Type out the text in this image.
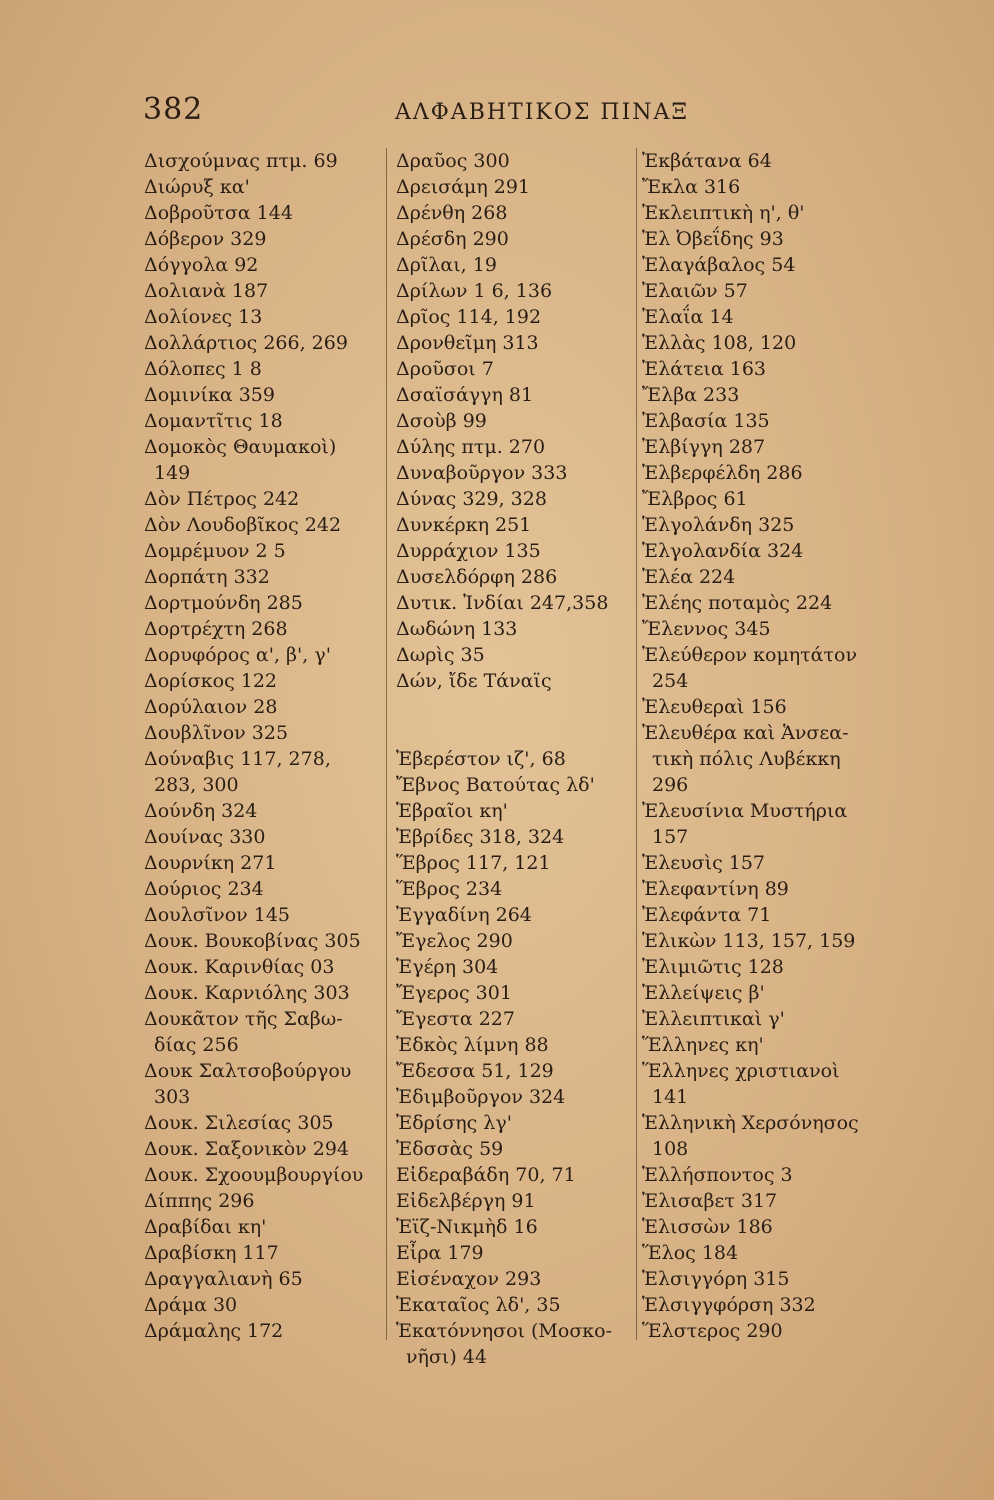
382	ΑΛΦΑΒΗΤΙΚΟΣ ΠΙΝΑΞ
Δισχούμνας πτμ. 69
Διώρυξ κα'
Δοβροῦτσα 144
Δόβερον 329
Δόγγολα 92
Δολιανὰ 187
Δολίονες 13
Δολλάρτιος 266, 269
Δόλοπες 1 8
Δομινίκα 359
Δομαντῖτις 18
Δομοκὸς Θαυμακοὶ)
149
Δὸν Πέτρος 242
Δὸν Λουδοβῖκος 242
Δομρέμυον 2 5
Δορπάτη 332
Δορτμούνδη 285
Δορτρέχτη 268
Δορυφόρος α', β', γ'
Δορίσκος 122
Δορύλαιον 28
Δουβλῖνον 325
Δούναβις 117, 278,
283, 300
Δούνδη 324
Δουίνας 330
Δουρνίκη 271
Δούριος 234
Δουλσῖνον 145
Δουκ. Βουκοβίνας 305
Δουκ. Καρινθίας 03
Δουκ. Καρνιόλης 303
Δουκᾶτον τῆς Σαβω-
δίας 256
Δουκ Σαλτσοβούργου
303
Δουκ. Σιλεσίας 305
Δουκ. Σαξονικὸν 294
Δουκ. Σχοουμβουργίου
Δίππης 296
Δραβίδαι κη'
Δραβίσκη 117
Δραγγαλιανὴ 65
Δράμα 30
Δράμαλης 172
Δραῦος 300
Δρεισάμη 291
Δρένθη 268
Δρέσδη 290
Δρῖλαι, 19
Δρίλων 1 6, 136
Δρῖος 114, 192
Δρονθεῖμη 313
Δροῦσοι 7
Δσαϊσάγγη 81
Δσοὺβ 99
Δύλης πτμ. 270
Δυναβοῦργον 333
Δύνας 329, 328
Δυνκέρκη 251
Δυρράχιον 135
Δυσελδόρφη 286
Δυτικ. Ἰνδίαι 247,358
Δωδώνη 133
Δωρὶς 35
Δών, ἴδε Τάναϊς
Ἐβερέστον ιζ', 68
Ἔβνος Βατούτας λδ'
Ἑβραῖοι κη'
Ἑβρίδες 318, 324
Ἕβρος 117, 121
Ἕβρος 234
Ἐγγαδίνη 264
Ἔγελος 290
Ἐγέρη 304
Ἔγερος 301
Ἔγεστα 227
Ἐδκὸς λίμνη 88
Ἔδεσσα 51, 129
Ἐδιμβοῦργον 324
Ἐδρίσης λγ'
Ἐδσσὰς 59
Εἰδεραβάδη 70, 71
Εἰδελβέργη 91
Ἐϊζ-Νικμὴδ 16
Εἶρα 179
Εἰσέναχον 293
Ἑκαταῖος λδ', 35
Ἑκατόννησοι (Μοσκο-
νῆσι) 44
Ἐκβάτανα 64
Ἔκλα 316
Ἐκλειπτικὴ η', θ'
Ἐλ Ὀβεΐδης 93
Ἐλαγάβαλος 54
Ἐλαιῶν 57
Ἐλαΐα 14
Ἑλλὰς 108, 120
Ἐλάτεια 163
Ἔλβα 233
Ἐλβασία 135
Ἐλβίγγη 287
Ἐλβερφέλδη 286
Ἔλβρος 61
Ἑλγολάνδη 325
Ἑλγολανδία 324
Ἐλέα 224
Ἐλέης ποταμὸς 224
Ἔλεννος 345
Ἐλεύθερον κομητάτον
254
Ἐλευθεραὶ 156
Ἐλευθέρα καὶ Ἁνσεα-
τικὴ πόλις Λυβέκκη
296
Ἐλευσίνια Μυστήρια
157
Ἐλευσὶς 157
Ἐλεφαντίνη 89
Ἐλεφάντα 71
Ἑλικὼν 113, 157, 159
Ἐλιμιῶτις 128
Ἐλλείψεις β'
Ἐλλειπτικαὶ γ'
Ἕλληνες κη'
Ἕλληνες χριστιανοὶ
141
Ἑλληνικὴ Χερσόνησος
108
Ἑλλήσποντος 3
Ἐλισαβετ 317
Ἑλισσὼν 186
Ἕλος 184
Ἑλσιγγόρη 315
Ἑλσιγγφόρση 332
Ἕλστερος 290
